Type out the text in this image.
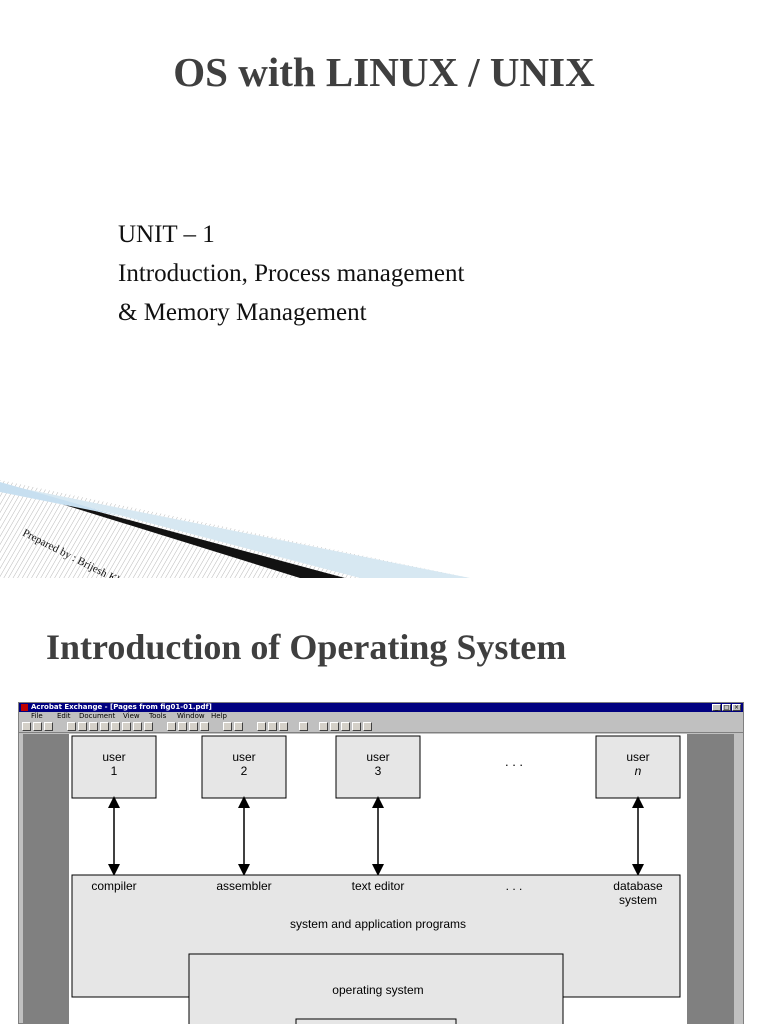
OS with LINUX / UNIX
UNIT – 1
Introduction, Process management
& Memory Management
Introduction of Operating System
Acrobat Exchange - [Pages from fig01-01.pdf]	_ □ ×
File Edit Document View Tools Window Help
user
1
user
2
user
3
. . .	user
n
compiler	assembler	text editor	. . .	database
system
system and application programs
operating system
